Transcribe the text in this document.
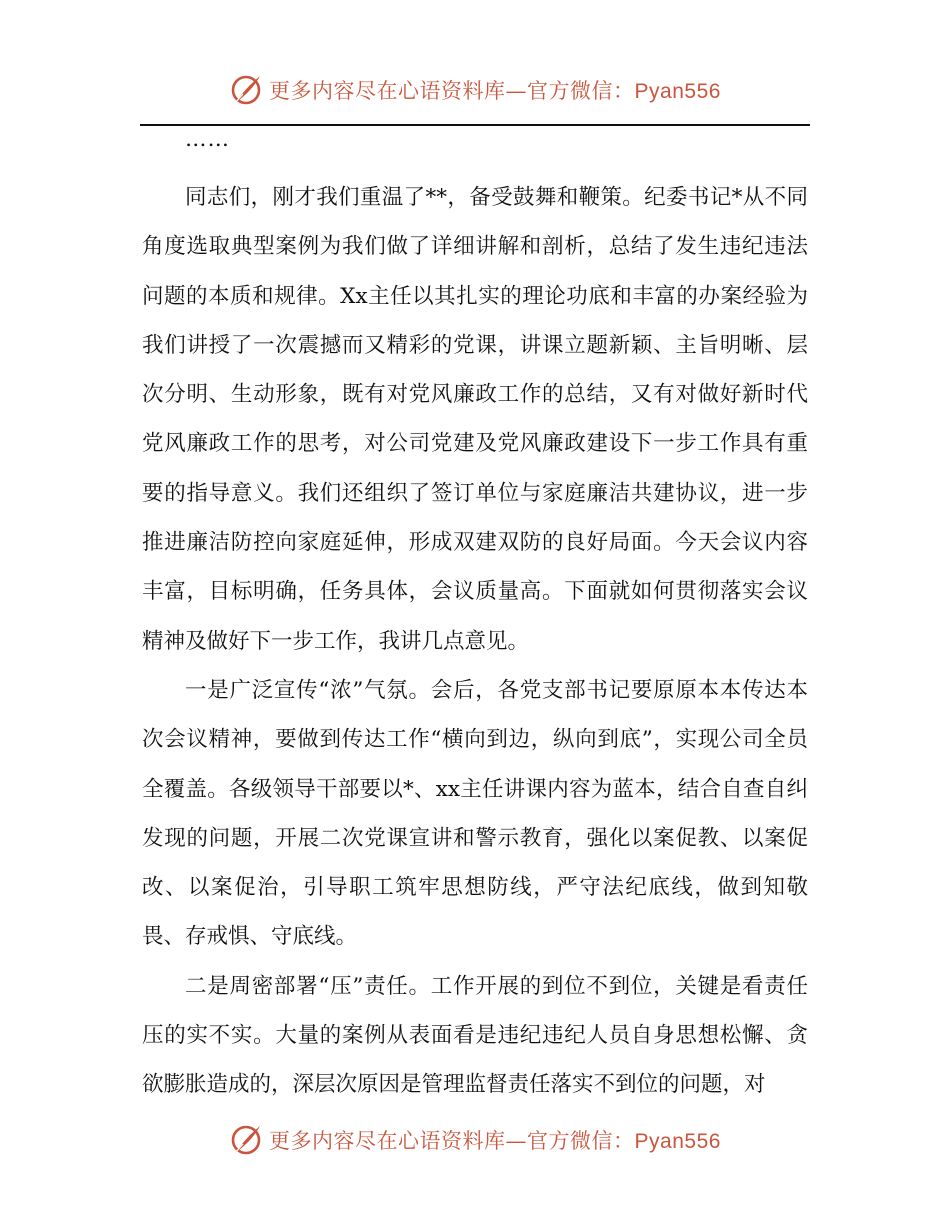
更多内容尽在心语资料库—官方微信：Pyan556

……

同志们，刚才我们重温了**，备受鼓舞和鞭策。纪委书记*从不同角度选取典型案例为我们做了详细讲解和剖析，总结了发生违纪违法问题的本质和规律。Xx主任以其扎实的理论功底和丰富的办案经验为我们讲授了一次震撼而又精彩的党课，讲课立题新颖、主旨明晰、层次分明、生动形象，既有对党风廉政工作的总结，又有对做好新时代党风廉政工作的思考，对公司党建及党风廉政建设下一步工作具有重要的指导意义。我们还组织了签订单位与家庭廉洁共建协议，进一步推进廉洁防控向家庭延伸，形成双建双防的良好局面。今天会议内容丰富，目标明确，任务具体，会议质量高。下面就如何贯彻落实会议精神及做好下一步工作，我讲几点意见。

一是广泛宣传“浓”气氛。会后，各党支部书记要原原本本传达本次会议精神，要做到传达工作“横向到边，纵向到底”，实现公司全员全覆盖。各级领导干部要以*、xx主任讲课内容为蓝本，结合自查自纠发现的问题，开展二次党课宣讲和警示教育，强化以案促教、以案促改、以案促治，引导职工筑牢思想防线，严守法纪底线，做到知敬畏、存戒惧、守底线。

二是周密部署“压”责任。工作开展的到位不到位，关键是看责任压的实不实。大量的案例从表面看是违纪违纪人员自身思想松懈、贪欲膨胀造成的，深层次原因是管理监督责任落实不到位的问题，对

更多内容尽在心语资料库—官方微信：Pyan556
